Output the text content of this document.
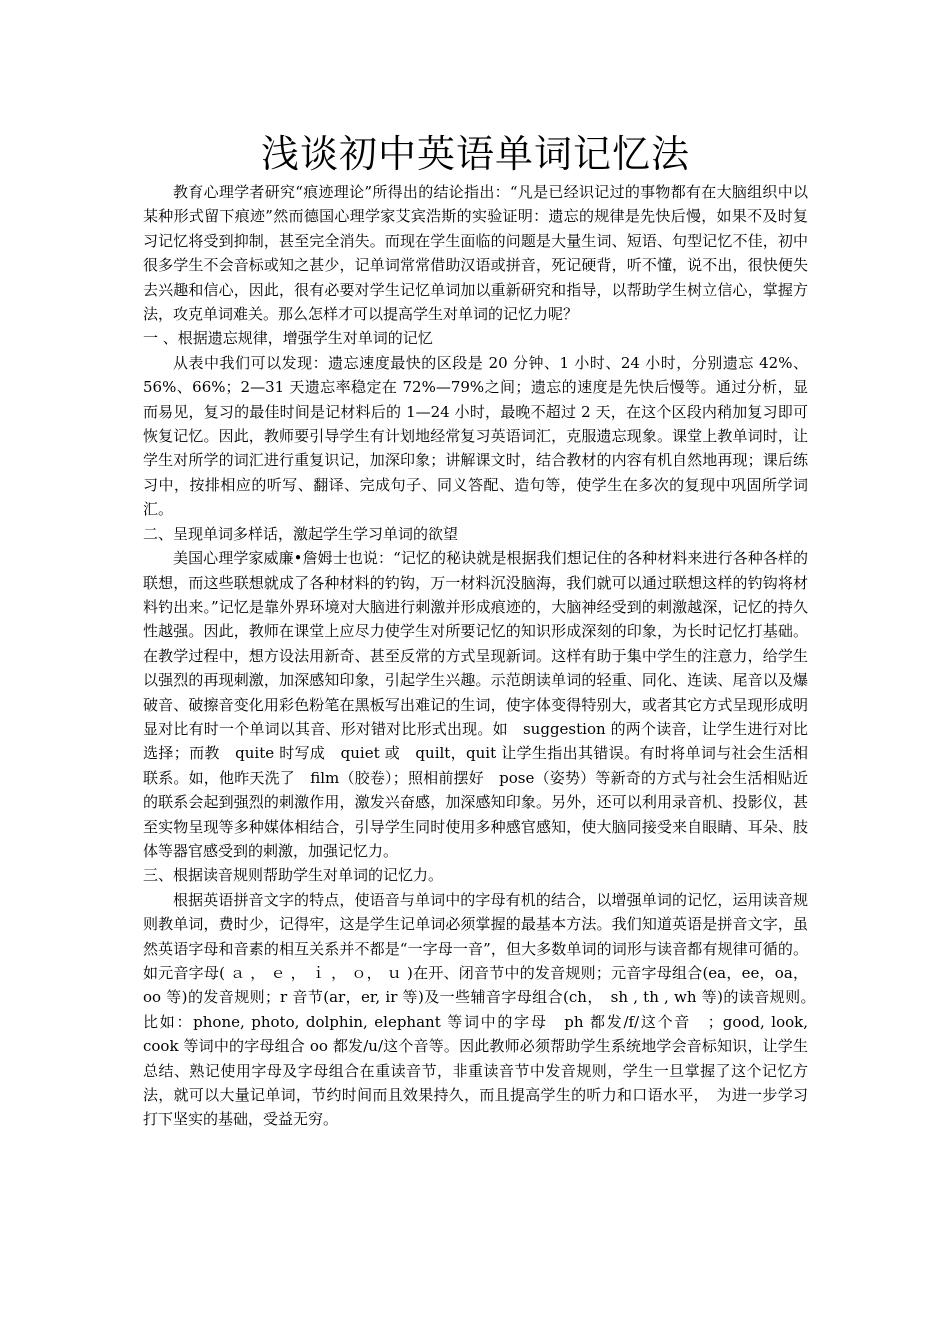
浅谈初中英语单词记忆法

教育心理学者研究“痕迹理论”所得出的结论指出：“凡是已经识记过的事物都有在大脑组织中以某种形式留下痕迹”然而德国心理学家艾宾浩斯的实验证明：遗忘的规律是先快后慢，如果不及时复习记忆将受到抑制，甚至完全消失。而现在学生面临的问题是大量生词、短语、句型记忆不佳，初中很多学生不会音标或知之甚少，记单词常常借助汉语或拼音，死记硬背，听不懂，说不出，很快便失去兴趣和信心，因此，很有必要对学生记忆单词加以重新研究和指导，以帮助学生树立信心，掌握方法，攻克单词难关。那么怎样才可以提高学生对单词的记忆力呢？

一 、根据遗忘规律，增强学生对单词的记忆

从表中我们可以发现：遗忘速度最快的区段是 20 分钟、1 小时、24 小时，分别遗忘 42%、56%、66%；2—31 天遗忘率稳定在 72%—79%之间；遗忘的速度是先快后慢等。通过分析，显而易见，复习的最佳时间是记材料后的 1—24 小时，最晚不超过 2 天，在这个区段内稍加复习即可恢复记忆。因此，教师要引导学生有计划地经常复习英语词汇，克服遗忘现象。课堂上教单词时，让学生对所学的词汇进行重复识记，加深印象；讲解课文时，结合教材的内容有机自然地再现；课后练习中，按排相应的听写、翻译、完成句子、同义答配、造句等，使学生在多次的复现中巩固所学词汇。

二、呈现单词多样话，激起学生学习单词的欲望

美国心理学家威廉•詹姆士也说：“记忆的秘诀就是根据我们想记住的各种材料来进行各种各样的联想，而这些联想就成了各种材料的钓钩，万一材料沉没脑海，我们就可以通过联想这样的钓钩将材料钓出来。”记忆是靠外界环境对大脑进行刺激并形成痕迹的，大脑神经受到的刺激越深，记忆的持久性越强。因此，教师在课堂上应尽力使学生对所要记忆的知识形成深刻的印象，为长时记忆打基础。在教学过程中，想方设法用新奇、甚至反常的方式呈现新词。这样有助于集中学生的注意力，给学生以强烈的再现刺激，加深感知印象，引起学生兴趣。示范朗读单词的轻重、同化、连读、尾音以及爆破音、破擦音变化用彩色粉笔在黑板写出难记的生词，使字体变得特别大，或者其它方式呈现形成明显对比有时一个单词以其音、形对错对比形式出现。如　suggestion 的两个读音，让学生进行对比选择；而教　quite 时写成　quiet 或　quilt，quit 让学生指出其错误。有时将单词与社会生活相联系。如，他昨天洗了　film（胶卷）；照相前摆好　pose（姿势）等新奇的方式与社会生活相贴近的联系会起到强烈的刺激作用，激发兴奋感，加深感知印象。另外，还可以利用录音机、投影仪，甚至实物呈现等多种媒体相结合，引导学生同时使用多种感官感知，使大脑同接受来自眼睛、耳朵、肢体等器官感受到的刺激，加强记忆力。

三、根据读音规则帮助学生对单词的记忆力。

根据英语拼音文字的特点，使语音与单词中的字母有机的结合，以增强单词的记忆，运用读音规则教单词，费时少，记得牢，这是学生记单词必须掌握的最基本方法。我们知道英语是拼音文字，虽然英语字母和音素的相互关系并不都是“一字母一音”，但大多数单词的词形与读音都有规律可循的。如元音字母( ａ ， ｅ ， ｉ ， ｏ， ｕ )在开、闭音节中的发音规则；元音字母组合(ea，ee，oa，oo 等)的发音规则；r 音节(ar，er, ir 等)及一些辅音字母组合(ch，　sh , th , wh 等)的读音规则。　比如：phone, photo, dolphin, elephant 等词中的字母　ph 都发/f/这个音　；good, look, cook 等词中的字母组合 oo 都发/u/这个音等。因此教师必须帮助学生系统地学会音标知识，让学生总结、熟记使用字母及字母组合在重读音节，非重读音节中发音规则，学生一旦掌握了这个记忆方法，就可以大量记单词，节约时间而且效果持久，而且提高学生的听力和口语水平，　为进一步学习打下坚实的基础，受益无穷。
